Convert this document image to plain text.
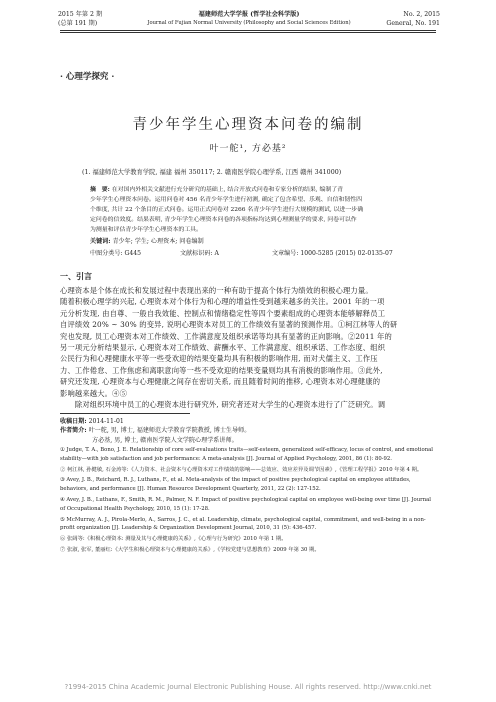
2015 年第 2 期
(总第 191 期)
福建师范大学学报 (哲学社会科学版)
Journal of Fujian Normal University (Philosophy and Social Sciences Edition)
No. 2, 2015
General, No. 191
· 心理学探究 ·
青少年学生心理资本问卷的编制
叶一舵¹, 方必基²
(1. 福建师范大学教育学院, 福建 福州 350117; 2. 赣南医学院心理学系, 江西 赣州 341000)
摘　要: 在对国内外相关文献进行充分研究的基础上, 结合开放式问卷和专家分析的结果, 编制了青
少年学生心理资本问卷。运用问卷对 456 名青少年学生进行初测, 确定了包含希望、乐观、自信和韧性四
个维度, 共计 22 个条目的正式问卷。运用正式问卷对 2266 名青少年学生进行大规模的测试, 以进一步确
定问卷的信效度。结果表明, 青少年学生心理资本问卷的各项指标均达到心理测量学的要求, 问卷可以作
为测量和评估青少年学生心理资本的工具。
关键词: 青少年; 学生; 心理资本; 问卷编制
中图分类号: G445	文献标识码: A	文章编号: 1000-5285 (2015) 02-0135-07
一、引言
心理资本是个体在成长和发展过程中表现出来的一种有助于提高个体行为绩效的积极心理力量。
随着积极心理学的兴起, 心理资本对个体行为和心理的增益性受到越来越多的关注。2001 年的一项
元分析发现, 由自尊、一般自我效能、控制点和情绪稳定性等四个要素组成的心理资本能够解释员工
自评绩效 20% ~ 30% 的变异, 说明心理资本对员工的工作绩效有显著的预测作用。①柯江林等人的研
究也发现, 员工心理资本对工作绩效、工作满意度及组织承诺等均具有显著的正向影响。②2011 年的
另一项元分析结果显示, 心理资本对工作绩效、薪酬水平、工作满意度、组织承诺、工作态度、组织
公民行为和心理健康水平等一些受欢迎的结果变量均具有积极的影响作用, 而对犬儒主义、工作压
力、工作倦怠、工作焦虑和离职意向等一些不受欢迎的结果变量则均具有消极的影响作用。③此外,
研究还发现, 心理资本与心理健康之间存在密切关系, 而且随着时间的推移, 心理资本对心理健康的
影响越来越大。④⑤
　　除对组织环境中员工的心理资本进行研究外, 研究者还对大学生的心理资本进行了广泛研究。调
收稿日期: 2014-11-01
作者简介: 叶一舵, 男, 博士, 福建师范大学教育学院教授, 博士生导师。
方必基, 男, 博士, 赣南医学院人文学院心理学系讲师。
① Judge, T. A., Bono, J. E. Relationship of core self-evaluations traits—self-esteem, generalized self-efficacy, locus of control, and emotional stability—with job satisfaction and job performance: A meta-analysis [J]. Journal of Applied Psychology, 2001, 86 (1): 80-92.
② 柯江林, 孙健敏, 石金涛等:《人力资本、社会资本与心理资本对工作绩效的影响——总效应、效应差异及调节因素》,《管理工程学报》2010 年第 4 期。
③ Avey, J. B., Reichard, R. J., Luthans, F., et al. Meta-analysis of the impact of positive psychological capital on employee attitudes, behaviors, and performance [J]. Human Resource Development Quarterly, 2011, 22 (2): 127-152.
④ Avey, J. B., Luthans, F., Smith, R. M., Palmer, N. F. Impact of positive psychological capital on employee well-being over time [J]. Journal of Occupational Health Psychology, 2010, 15 (1): 17-28.
⑤ McMurray, A. J., Pirola-Merlo, A., Sarros, J. C., et al. Leadership, climate, psychological capital, commitment, and well-being in a non-profit organization [J]. Leadership & Organization Development Journal, 2010, 31 (5): 436-457.
⑥ 张阔等:《积极心理资本: 测量及其与心理健康的关系》,《心理与行为研究》2010 年第 1 期。
⑦ 张淑, 张军, 董丽红:《大学生积极心理资本与心理健康的关系》,《学校党建与思想教育》2009 年第 30 期。
?1994-2015 China Academic Journal Electronic Publishing House. All rights reserved. http://www.cnki.net
